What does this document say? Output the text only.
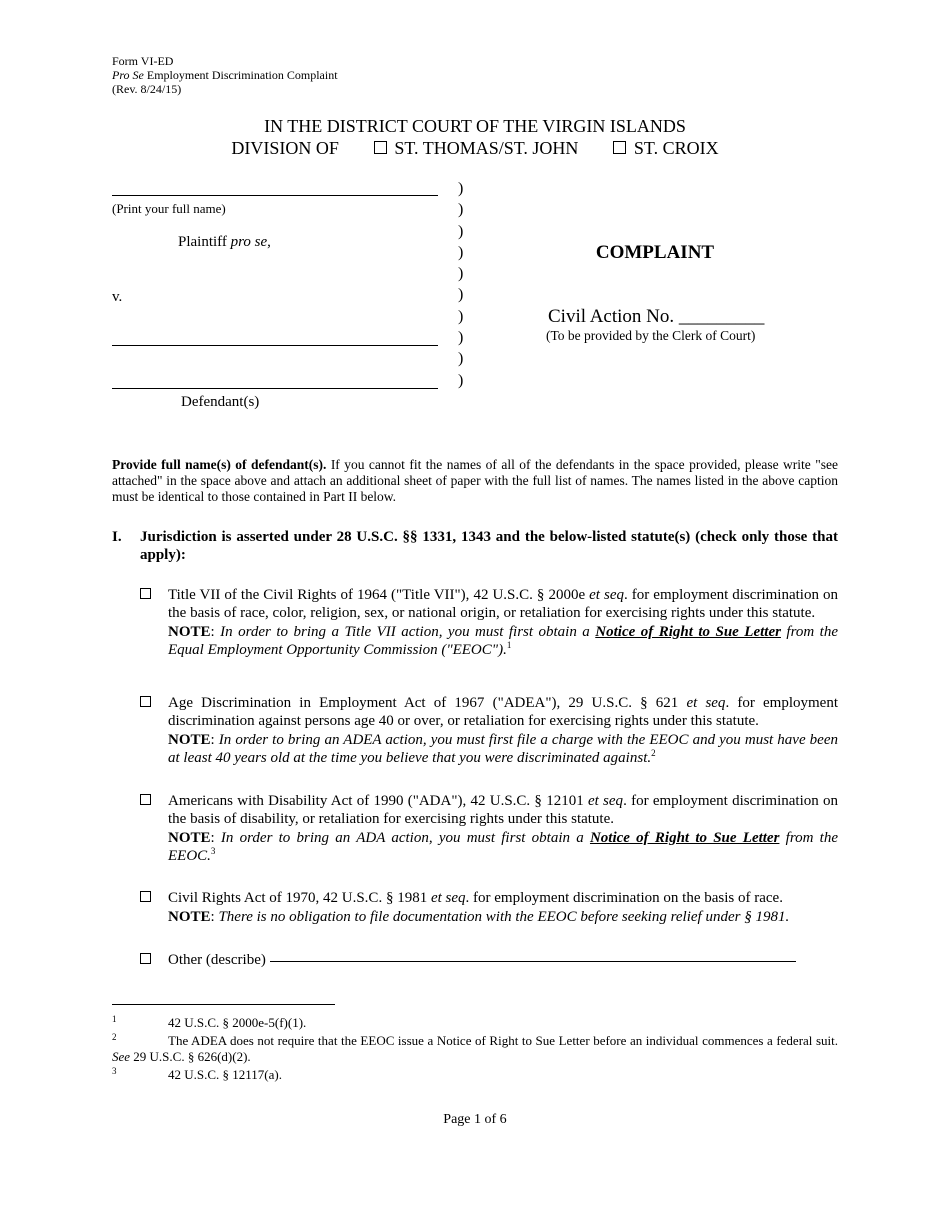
Form VI-ED
Pro Se Employment Discrimination Complaint
(Rev. 8/24/15)
IN THE DISTRICT COURT OF THE VIRGIN ISLANDS
DIVISION OF	ST. THOMAS/ST. JOHN	ST. CROIX
(Print your full name)
Plaintiff pro se,
v.
Defendant(s)
)
)
)
)
)
)
)
)
)
)
COMPLAINT
Civil Action No. _________
(To be provided by the Clerk of Court)
Provide full name(s) of defendant(s). If you cannot fit the names of all of the defendants in the space provided, please write "see attached" in the space above and attach an additional sheet of paper with the full list of names. The names listed in the above caption must be identical to those contained in Part II below.
I. Jurisdiction is asserted under 28 U.S.C. §§ 1331, 1343 and the below-listed statute(s) (check only those that apply):
Title VII of the Civil Rights of 1964 ("Title VII"), 42 U.S.C. § 2000e et seq. for employment discrimination on the basis of race, color, religion, sex, or national origin, or retaliation for exercising rights under this statute.
NOTE: In order to bring a Title VII action, you must first obtain a Notice of Right to Sue Letter from the Equal Employment Opportunity Commission ("EEOC").$^1$
Age Discrimination in Employment Act of 1967 ("ADEA"), 29 U.S.C. § 621 et seq. for employment discrimination against persons age 40 or over, or retaliation for exercising rights under this statute.
NOTE: In order to bring an ADEA action, you must first file a charge with the EEOC and you must have been at least 40 years old at the time you believe that you were discriminated against.$^2$
Americans with Disability Act of 1990 ("ADA"), 42 U.S.C. § 12101 et seq. for employment discrimination on the basis of disability, or retaliation for exercising rights under this statute.
NOTE: In order to bring an ADA action, you must first obtain a Notice of Right to Sue Letter from the EEOC.$^3$
Civil Rights Act of 1970, 42 U.S.C. § 1981 et seq. for employment discrimination on the basis of race.
NOTE: There is no obligation to file documentation with the EEOC before seeking relief under § 1981.
Other (describe)
1	42 U.S.C. § 2000e-5(f)(1).
2	The ADEA does not require that the EEOC issue a Notice of Right to Sue Letter before an individual commences a federal suit. See 29 U.S.C. § 626(d)(2).
3	42 U.S.C. § 12117(a).
Page 1 of 6
